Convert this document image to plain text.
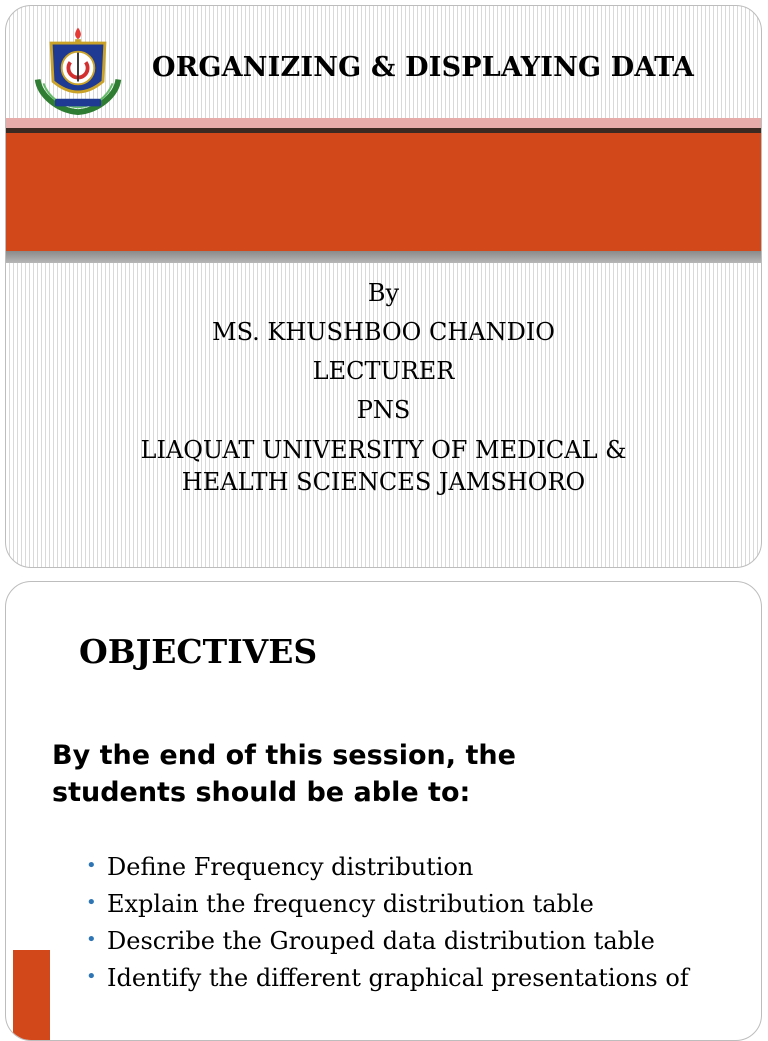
ORGANIZING & DISPLAYING DATA
By
MS. KHUSHBOO CHANDIO
LECTURER
PNS
LIAQUAT UNIVERSITY OF MEDICAL &
HEALTH SCIENCES JAMSHORO
OBJECTIVES

By the end of this session, the
students should be able to:

• Define Frequency distribution
• Explain the frequency distribution table
• Describe the Grouped data distribution table
• Identify the different graphical presentations of
